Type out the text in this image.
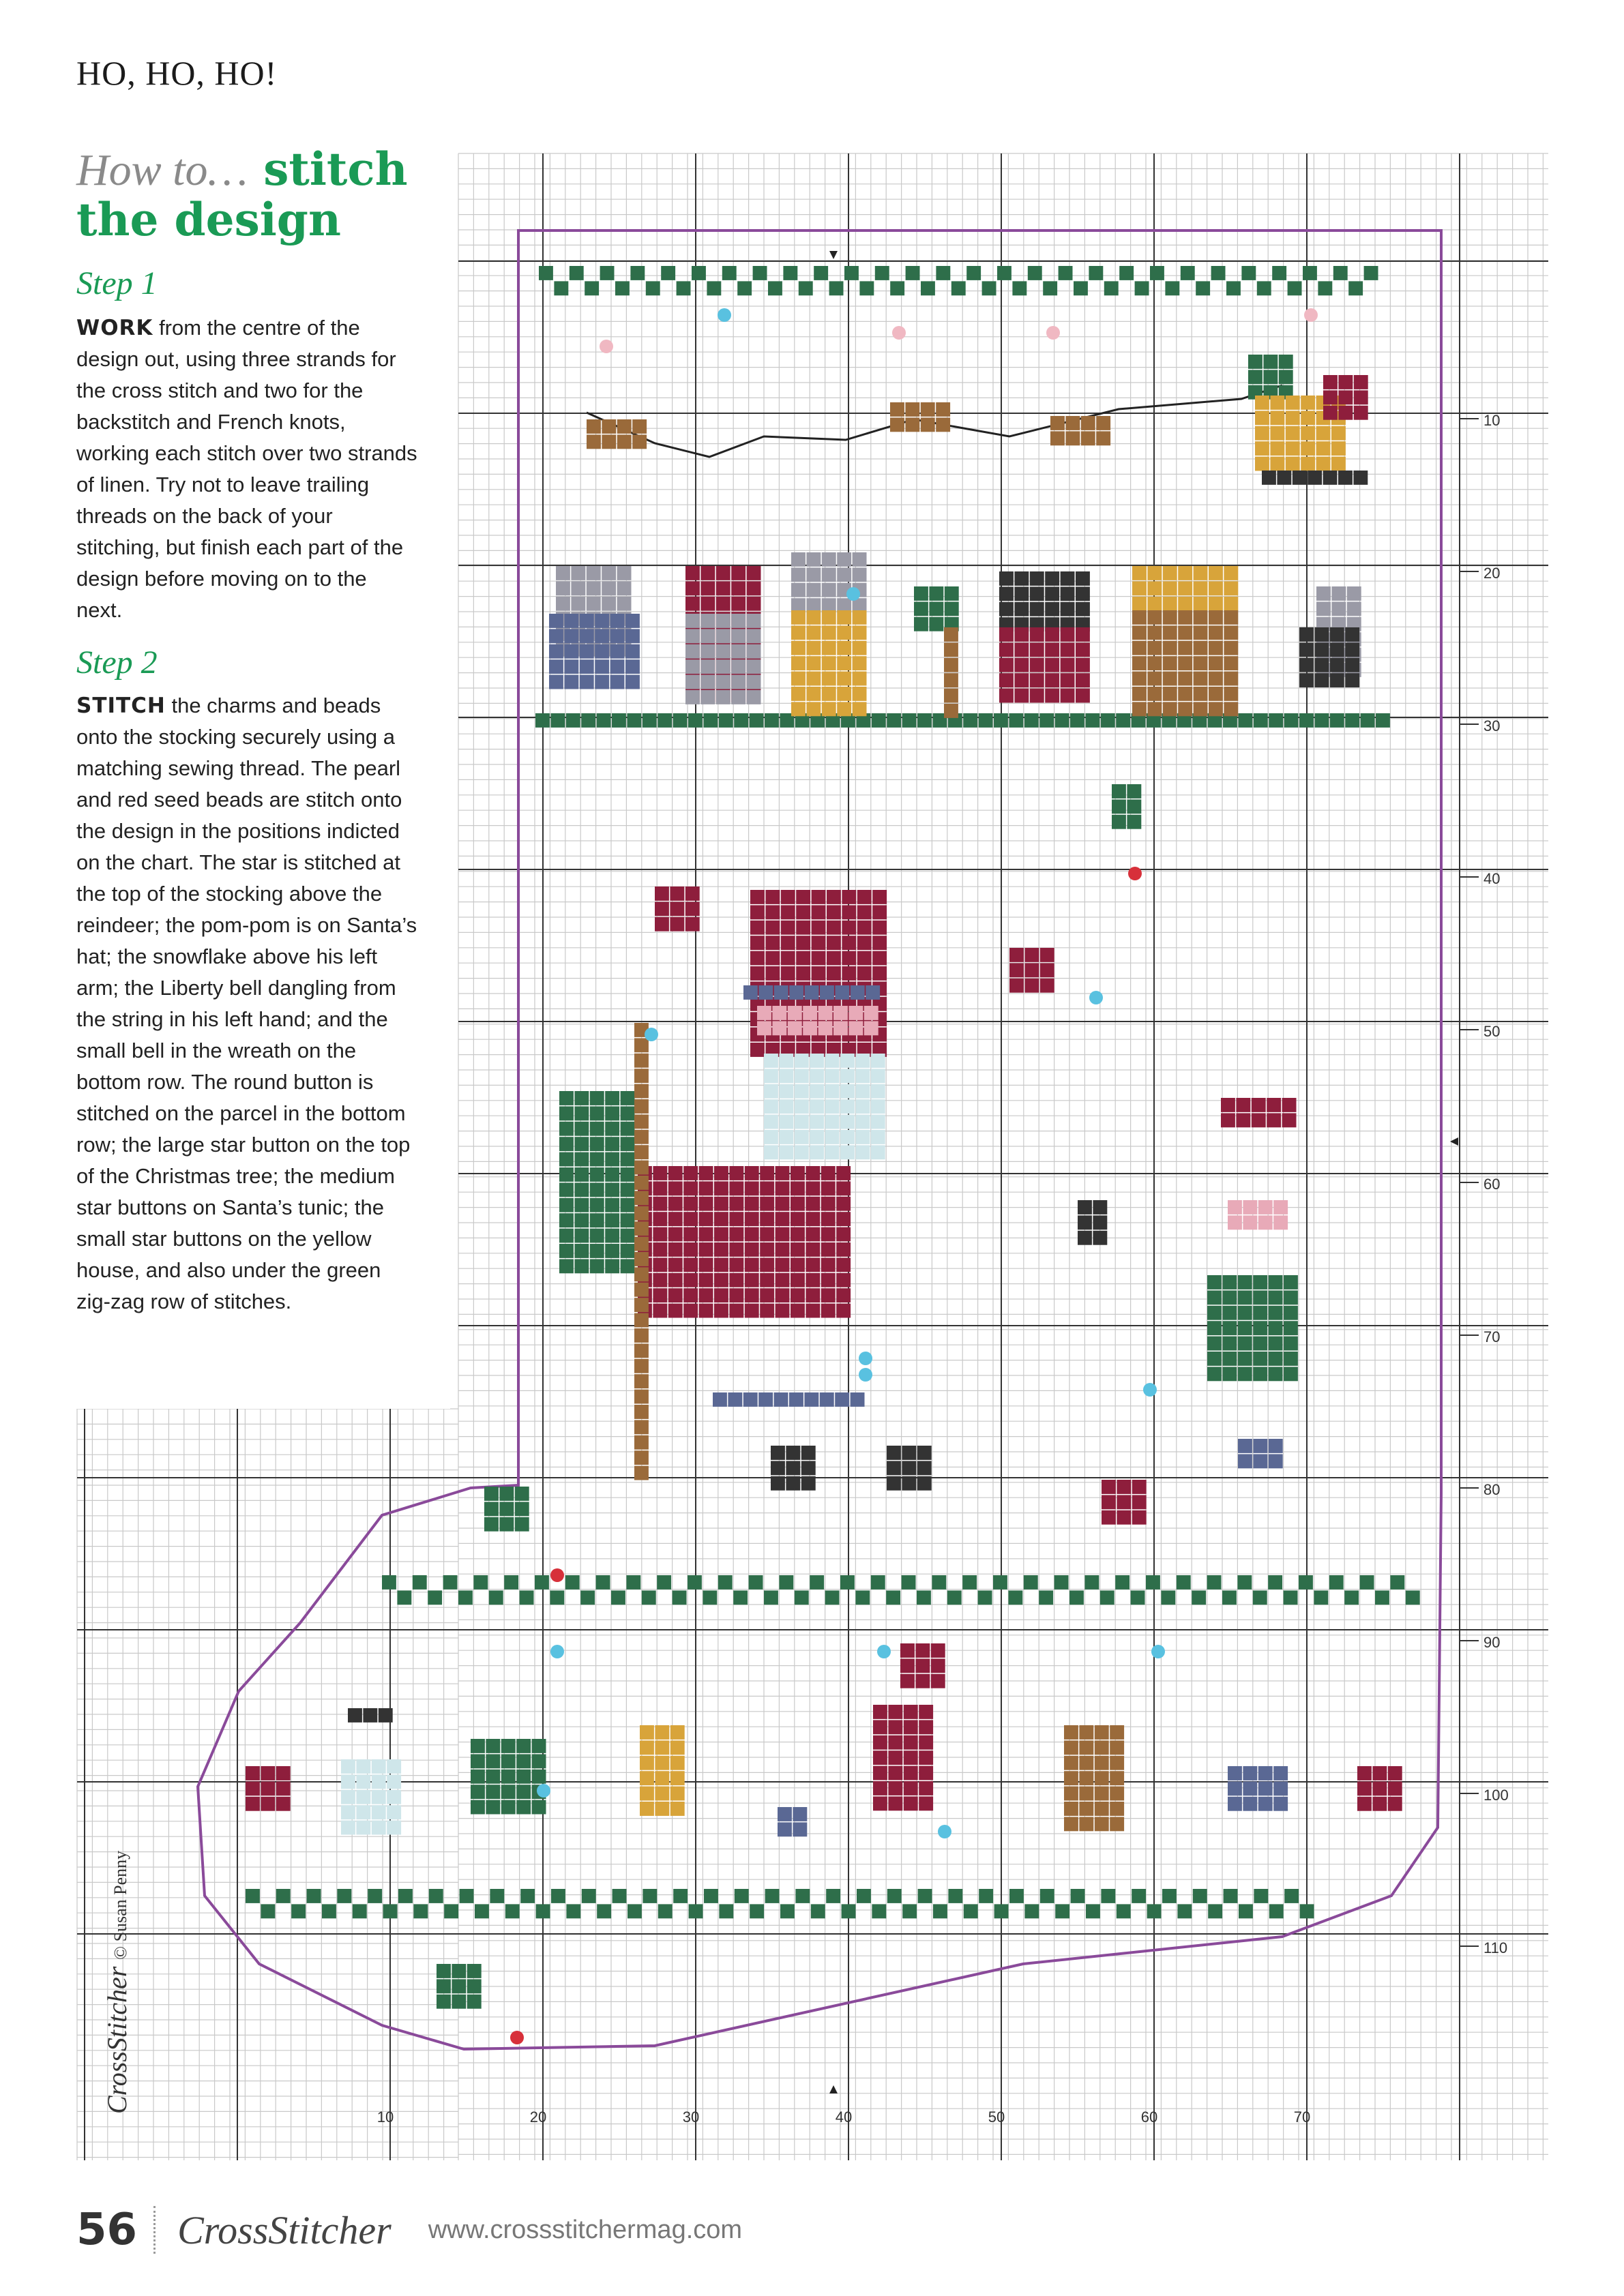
10
20
30
40
50
60
70
80
90
100
110
10	20	30	40	50	60	70
HO, HO, HO!
How to… stitch
the design
Step 1
WORK from the centre of the design out, using three strands for the cross stitch and two for the backstitch and French knots, working each stitch over two strands of linen. Try not to leave trailing threads on the back of your stitching, but finish each part of the design before moving on to the next.
Step 2
STITCH the charms and beads onto the stocking securely using a matching sewing thread. The pearl and red seed beads are stitch onto the design in the positions indicted on the chart. The star is stitched at the top of the stocking above the reindeer; the pom-pom is on Santa’s hat; the snowflake above his left arm; the Liberty bell dangling from the string in his left hand; and the small bell in the wreath on the bottom row. The round button is stitched on the parcel in the bottom row; the large star button on the top of the Christmas tree; the medium star buttons on Santa’s tunic; the small star buttons on the yellow house, and also under the green zig-zag row of stitches.
CrossStitcher© Susan Penny
56 CrossStitcher www.crossstitchermag.com
